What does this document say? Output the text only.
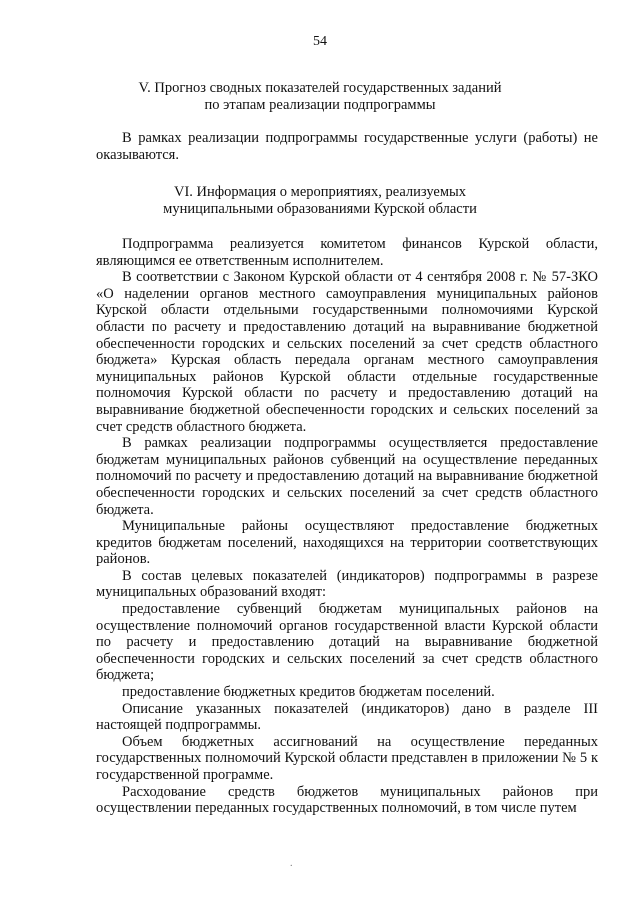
54
V. Прогноз сводных показателей государственных заданий
по этапам реализации подпрограммы

В рамках реализации подпрограммы государственные услуги (работы) не оказываются.

VI. Информация о мероприятиях, реализуемых
муниципальными образованиями Курской области

Подпрограмма реализуется комитетом финансов Курской области, являющимся ее ответственным исполнителем.

В соответствии с Законом Курской области от 4 сентября 2008 г. № 57-ЗКО «О наделении органов местного самоуправления муниципальных районов Курской области отдельными государственными полномочиями Курской области по расчету и предоставлению дотаций на выравнивание бюджетной обеспеченности городских и сельских поселений за счет средств областного бюджета» Курская область передала органам местного самоуправления муниципальных районов Курской области отдельные государственные полномочия Курской области по расчету и предоставлению дотаций на выравнивание бюджетной обеспеченности городских и сельских поселений за счет средств областного бюджета.

В рамках реализации подпрограммы осуществляется предоставление бюджетам муниципальных районов субвенций на осуществление переданных полномочий по расчету и предоставлению дотаций на выравнивание бюджетной обеспеченности городских и сельских поселений за счет средств областного бюджета.

Муниципальные районы осуществляют предоставление бюджетных кредитов бюджетам поселений, находящихся на территории соответствующих районов.

В состав целевых показателей (индикаторов) подпрограммы в разрезе муниципальных образований входят:

предоставление субвенций бюджетам муниципальных районов на осуществление полномочий органов государственной власти Курской области по расчету и предоставлению дотаций на выравнивание бюджетной обеспеченности городских и сельских поселений за счет средств областного бюджета;

предоставление бюджетных кредитов бюджетам поселений.

Описание указанных показателей (индикаторов) дано в разделе III настоящей подпрограммы.

Объем бюджетных ассигнований на осуществление переданных государственных полномочий Курской области представлен в приложении № 5 к государственной программе.

Расходование средств бюджетов муниципальных районов при осуществлении переданных государственных полномочий, в том числе путем

.
